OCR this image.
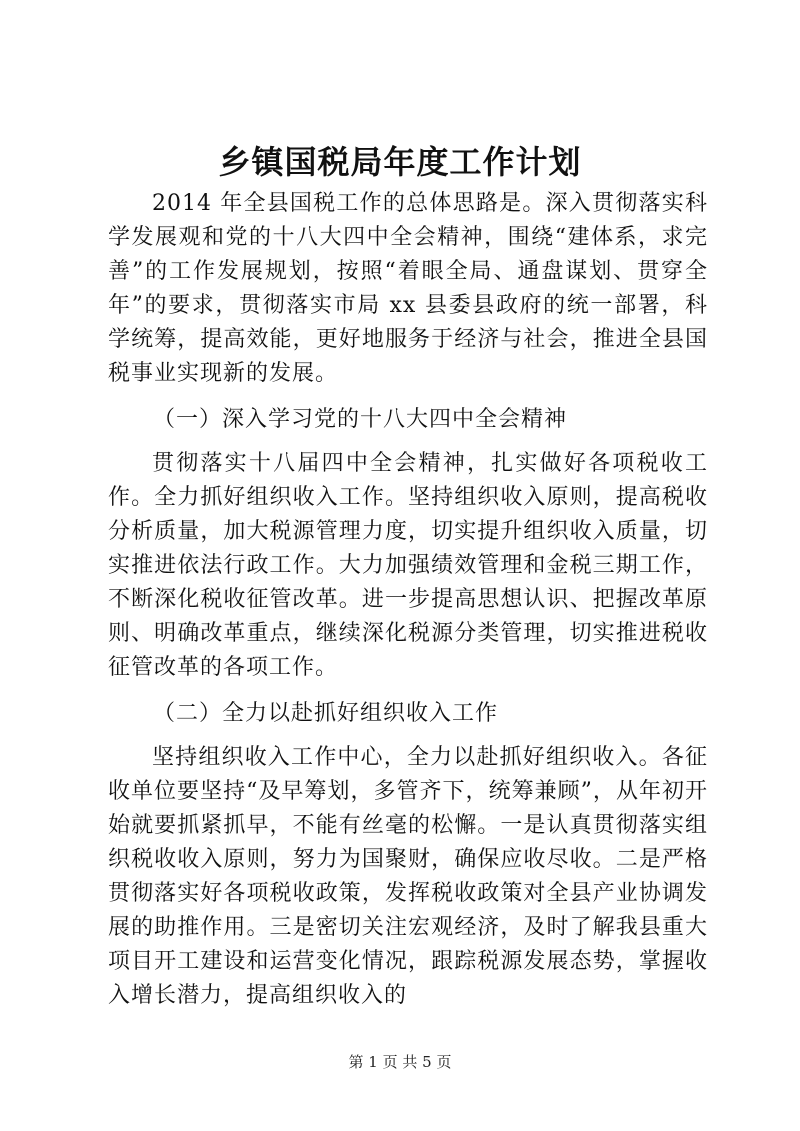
乡镇国税局年度工作计划

2014 年全县国税工作的总体思路是。深入贯彻落实科学发展观和党的十八大四中全会精神，围绕“建体系，求完善”的工作发展规划，按照“着眼全局、通盘谋划、贯穿全年”的要求，贯彻落实市局 xx 县委县政府的统一部署，科学统筹，提高效能，更好地服务于经济与社会，推进全县国税事业实现新的发展。

（一）深入学习党的十八大四中全会精神

贯彻落实十八届四中全会精神，扎实做好各项税收工作。全力抓好组织收入工作。坚持组织收入原则，提高税收分析质量，加大税源管理力度，切实提升组织收入质量，切实推进依法行政工作。大力加强绩效管理和金税三期工作，不断深化税收征管改革。进一步提高思想认识、把握改革原则、明确改革重点，继续深化税源分类管理，切实推进税收征管改革的各项工作。

（二）全力以赴抓好组织收入工作

坚持组织收入工作中心，全力以赴抓好组织收入。各征收单位要坚持“及早筹划，多管齐下，统筹兼顾”，从年初开始就要抓紧抓早，不能有丝毫的松懈。一是认真贯彻落实组织税收收入原则，努力为国聚财，确保应收尽收。二是严格贯彻落实好各项税收政策，发挥税收政策对全县产业协调发展的助推作用。三是密切关注宏观经济，及时了解我县重大项目开工建设和运营变化情况，跟踪税源发展态势，掌握收入增长潜力，提高组织收入的

第 1 页 共 5 页
